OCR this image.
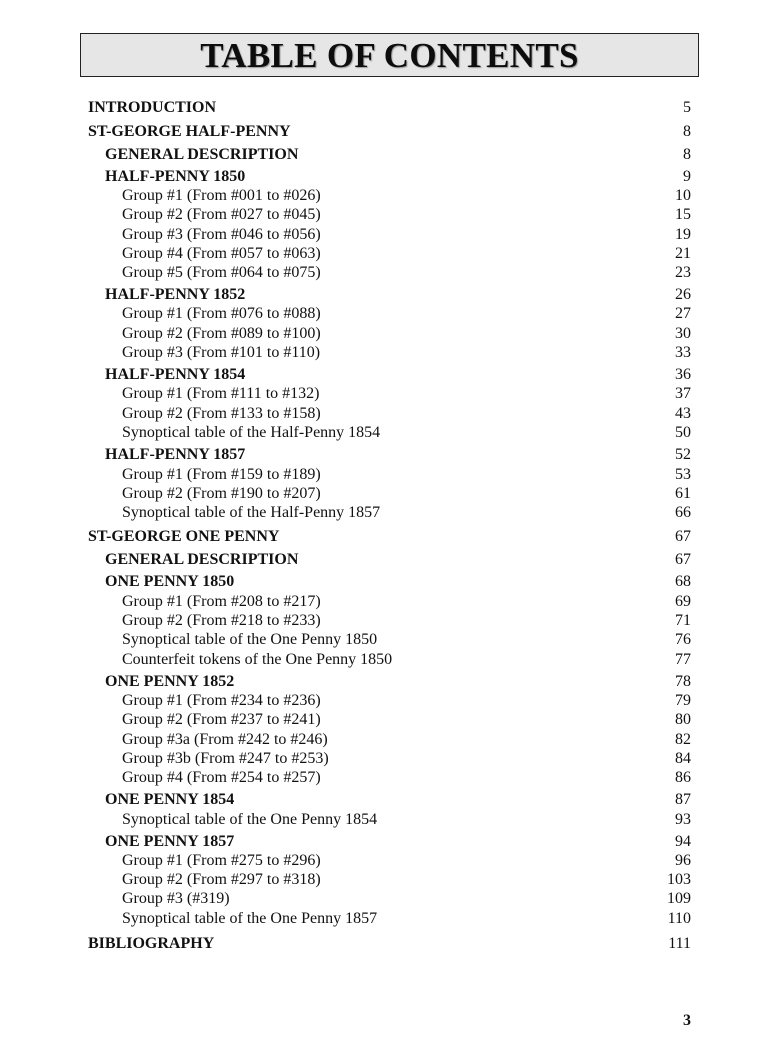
TABLE OF CONTENTS
INTRODUCTION	5
ST-GEORGE HALF-PENNY	8
GENERAL DESCRIPTION	8
HALF-PENNY 1850	9
Group #1 (From #001 to #026)	10
Group #2 (From #027 to #045)	15
Group #3 (From #046 to #056)	19
Group #4 (From #057 to #063)	21
Group #5 (From #064 to #075)	23
HALF-PENNY 1852	26
Group #1 (From #076 to #088)	27
Group #2 (From #089 to #100)	30
Group #3 (From #101 to #110)	33
HALF-PENNY 1854	36
Group #1 (From #111 to #132)	37
Group #2 (From #133 to #158)	43
Synoptical table of the Half-Penny 1854	50
HALF-PENNY 1857	52
Group #1 (From #159 to #189)	53
Group #2 (From #190 to #207)	61
Synoptical table of the Half-Penny 1857	66
ST-GEORGE ONE PENNY	67
GENERAL DESCRIPTION	67
ONE PENNY 1850	68
Group #1 (From #208 to #217)	69
Group #2 (From #218 to #233)	71
Synoptical table of the One Penny 1850	76
Counterfeit tokens of the One Penny 1850	77
ONE PENNY 1852	78
Group #1 (From #234 to #236)	79
Group #2 (From #237 to #241)	80
Group #3a (From #242 to #246)	82
Group #3b (From #247 to #253)	84
Group #4 (From #254 to #257)	86
ONE PENNY 1854	87
Synoptical table of the One Penny 1854	93
ONE PENNY 1857	94
Group #1 (From #275 to #296)	96
Group #2 (From #297 to #318)	103
Group #3 (#319)	109
Synoptical table of the One Penny 1857	110
BIBLIOGRAPHY	111
3
